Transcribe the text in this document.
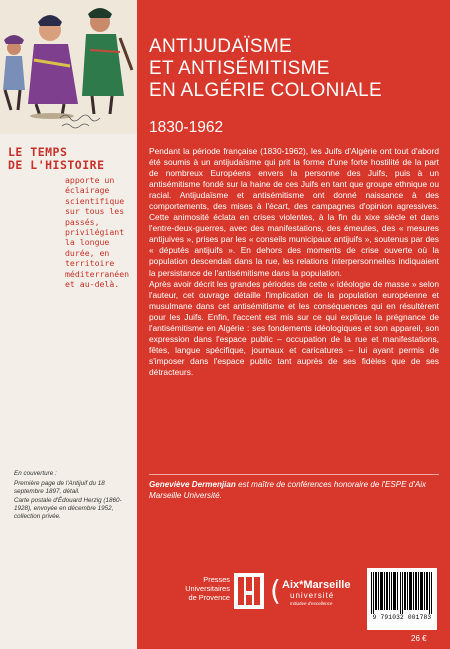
LE TEMPS
DE L'HISTOIRE
apporte un éclairage scientifique sur tous les passés, privilégiant la longue durée, en territoire méditerranéen et au-delà.

En couverture :

Première page de l'Antijuif du 18 septembre 1897, détail.

Carte postale d'Édouard Herzig (1860-1928), envoyée en décembre 1952, collection privée.

ANTIJUDAÏSME
ET ANTISÉMITISME
EN ALGÉRIE COLONIALE
1830-1962

Pendant la période française (1830-1962), les Juifs d'Algérie ont tout d'abord été soumis à un antijudaïsme qui prit la forme d'une forte hostilité de la part de nombreux Européens envers la personne des Juifs, puis à un antisémitisme fondé sur la haine de ces Juifs en tant que groupe ethnique ou racial. Antijudaïsme et antisémitisme ont donné naissance à des comportements, des mises à l'écart, des campagnes d'opinion agressives. Cette animosité éclata en crises violentes, à la fin du xixe siècle et dans l'entre-deux-guerres, avec des manifestations, des émeutes, des « mesures antijuives », prises par les « conseils municipaux antijuifs », soutenus par des « députés antijuifs ». En dehors des moments de crise ouverte où la population descendait dans la rue, les relations interpersonnelles indiquaient la persistance de l'antisémitisme dans la population.

Après avoir décrit les grandes périodes de cette « idéologie de masse » selon l'auteur, cet ouvrage détaille l'implication de la population européenne et musulmane dans cet antisémitisme et les conséquences qui en résultèrent pour les Juifs. Enfin, l'accent est mis sur ce qui explique la prégnance de l'antisémitisme en Algérie : ses fondements idéologiques et son appareil, son expression dans l'espace public – occupation de la rue et manifestations, fêtes, langue spécifique, journaux et caricatures – lui ayant permis de s'imposer dans l'espace public tant auprès de ses fidèles que de ses détracteurs.

Geneviève Dermenjian est maître de conférences honoraire de l'ESPE d'Aix Marseille Université.
Presses
Universitaires
de Provence ( Aix*Marseille
université
Initiative d'excellence
9 791032 001783
26 €
